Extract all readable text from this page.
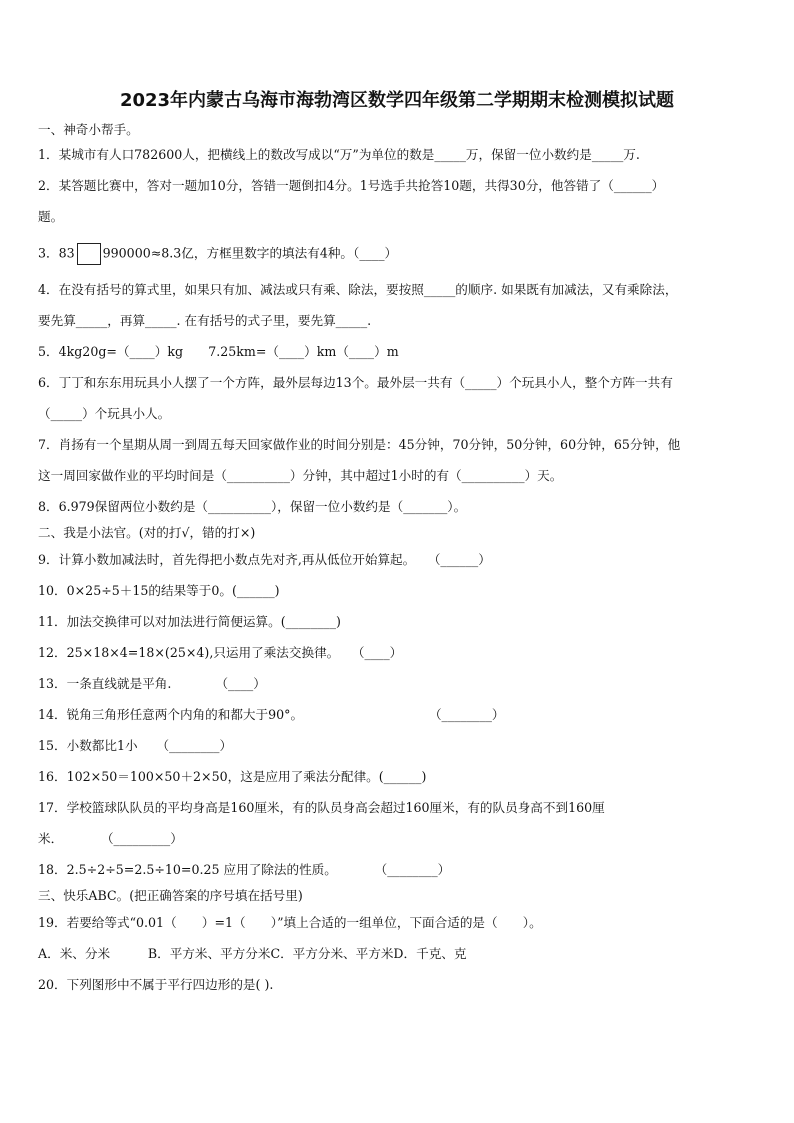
2023年内蒙古乌海市海勃湾区数学四年级第二学期期末检测模拟试题
一、神奇小帮手。
1．某城市有人口782600人，把横线上的数改写成以“万”为单位的数是_____万，保留一位小数约是_____万.
2．某答题比赛中，答对一题加10分，答错一题倒扣4分。1号选手共抢答10题，共得30分，他答错了（______）
题。
3．83 990000≈8.3亿，方框里数字的填法有4种。（____）
4．在没有括号的算式里，如果只有加、减法或只有乘、除法，要按照_____的顺序. 如果既有加减法，又有乘除法，
要先算_____，再算_____. 在有括号的式子里，要先算_____.
5．4kg20g=（____）kg　　7.25km=（____）km（____）m
6．丁丁和东东用玩具小人摆了一个方阵，最外层每边13个。最外层一共有（_____）个玩具小人，整个方阵一共有
（_____）个玩具小人。
7．肖扬有一个星期从周一到周五每天回家做作业的时间分别是：45分钟，70分钟，50分钟，60分钟，65分钟，他
这一周回家做作业的平均时间是（__________）分钟，其中超过1小时的有（__________）天。
8．6.979保留两位小数约是（__________），保留一位小数约是（_______）。
二、我是小法官。(对的打√，错的打×)
9．计算小数加减法时，首先得把小数点先对齐,再从低位开始算起。　　（______）
10．0×25÷5＋15的结果等于0。(______)
11．加法交换律可以对加法进行简便运算。(________)
12．25×18×4=18×(25×4),只运用了乘法交换律。　　（____）
13．一条直线就是平角.　　　　（____）
14．锐角三角形任意两个内角的和都大于90°。　　　　　　　　　　　（________）
15．小数都比1小　　（________）
16．102×50＝100×50＋2×50，这是应用了乘法分配律。(______)
17．学校篮球队队员的平均身高是160厘米，有的队员身高会超过160厘米，有的队员身高不到160厘
米．　　　　（_________）
18．2.5÷2÷5=2.5÷10=0.25 应用了除法的性质。　　　　（________）
三、快乐ABC。(把正确答案的序号填在括号里)
19．若要给等式“0.01（　　）=1（　　）”填上合适的一组单位，下面合适的是（　　）。
A．米、分米　　　B．平方米、平方分米C．平方分米、平方米D．千克、克
20．下列图形中不属于平行四边形的是( ).
